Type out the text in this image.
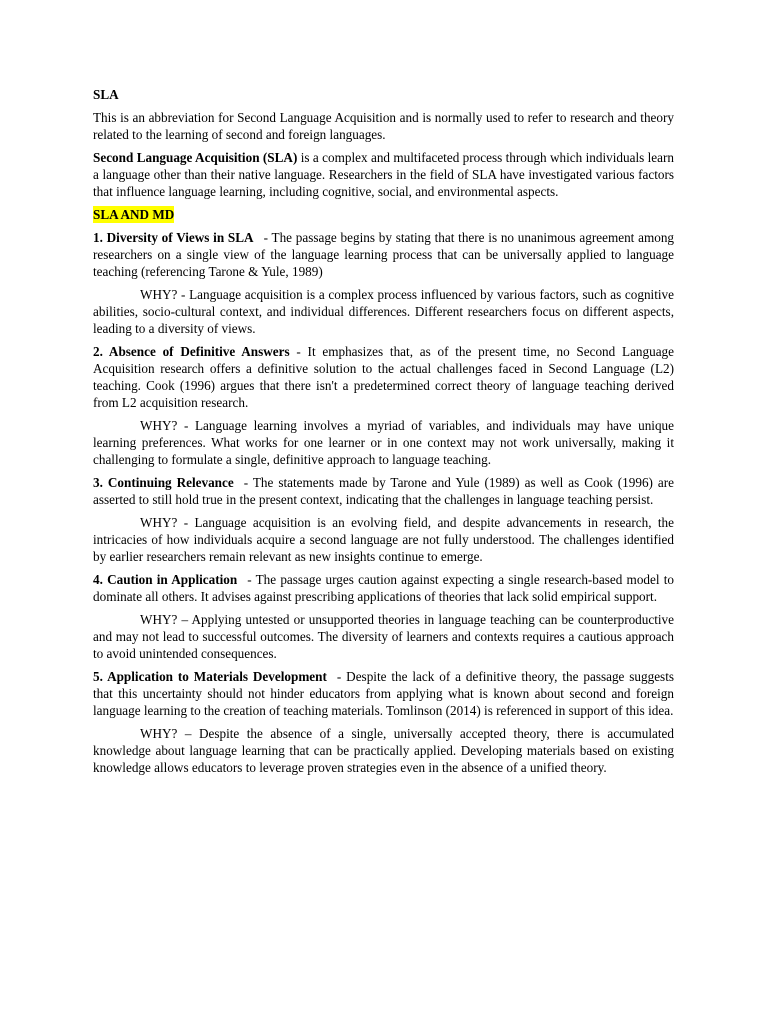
SLA

This is an abbreviation for Second Language Acquisition and is normally used to refer to research and theory related to the learning of second and foreign languages.

Second Language Acquisition (SLA) is a complex and multifaceted process through which individuals learn a language other than their native language. Researchers in the field of SLA have investigated various factors that influence language learning, including cognitive, social, and environmental aspects.

SLA AND MD

1. Diversity of Views in SLA - The passage begins by stating that there is no unanimous agreement among researchers on a single view of the language learning process that can be universally applied to language teaching (referencing Tarone & Yule, 1989)

WHY? - Language acquisition is a complex process influenced by various factors, such as cognitive abilities, socio-cultural context, and individual differences. Different researchers focus on different aspects, leading to a diversity of views.

2. Absence of Definitive Answers - It emphasizes that, as of the present time, no Second Language Acquisition research offers a definitive solution to the actual challenges faced in Second Language (L2) teaching. Cook (1996) argues that there isn't a predetermined correct theory of language teaching derived from L2 acquisition research.

WHY? - Language learning involves a myriad of variables, and individuals may have unique learning preferences. What works for one learner or in one context may not work universally, making it challenging to formulate a single, definitive approach to language teaching.

3. Continuing Relevance - The statements made by Tarone and Yule (1989) as well as Cook (1996) are asserted to still hold true in the present context, indicating that the challenges in language teaching persist.

WHY? - Language acquisition is an evolving field, and despite advancements in research, the intricacies of how individuals acquire a second language are not fully understood. The challenges identified by earlier researchers remain relevant as new insights continue to emerge.

4. Caution in Application - The passage urges caution against expecting a single research-based model to dominate all others. It advises against prescribing applications of theories that lack solid empirical support.

WHY? – Applying untested or unsupported theories in language teaching can be counterproductive and may not lead to successful outcomes. The diversity of learners and contexts requires a cautious approach to avoid unintended consequences.

5. Application to Materials Development - Despite the lack of a definitive theory, the passage suggests that this uncertainty should not hinder educators from applying what is known about second and foreign language learning to the creation of teaching materials. Tomlinson (2014) is referenced in support of this idea.

WHY? – Despite the absence of a single, universally accepted theory, there is accumulated knowledge about language learning that can be practically applied. Developing materials based on existing knowledge allows educators to leverage proven strategies even in the absence of a unified theory.
